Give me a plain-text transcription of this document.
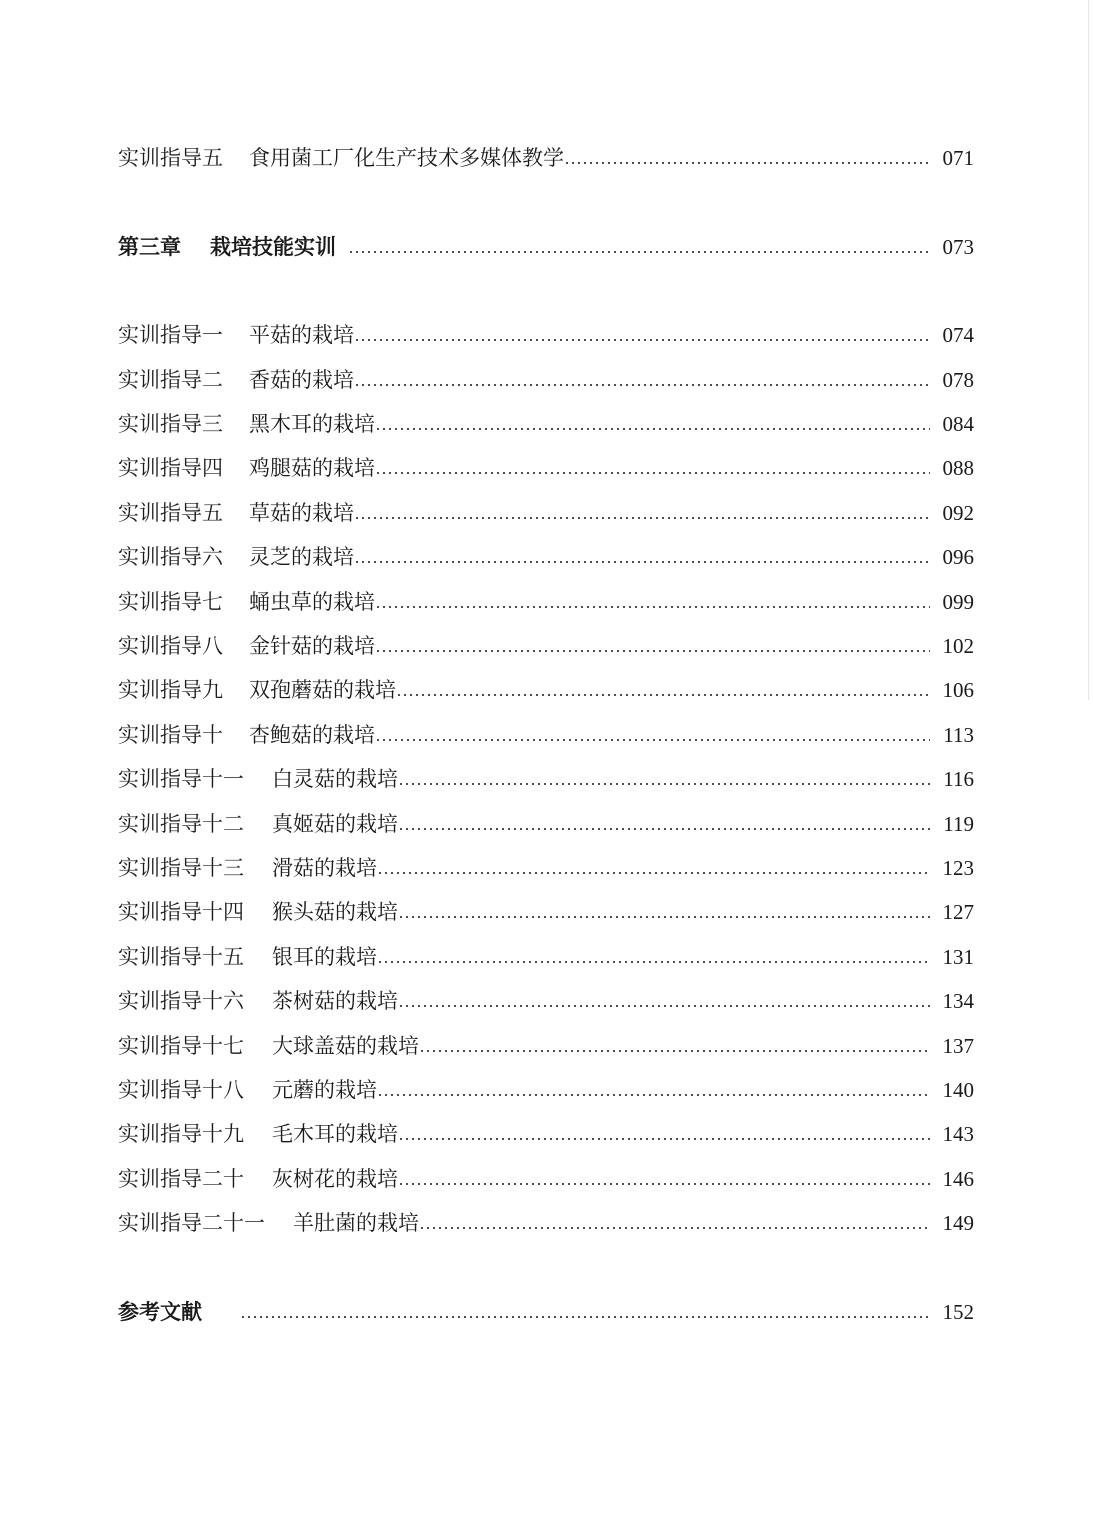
实训指导五	食用菌工厂化生产技术多媒体教学	071
第三章	栽培技能实训	073
实训指导一	平菇的栽培	074
实训指导二	香菇的栽培	078
实训指导三	黑木耳的栽培	084
实训指导四	鸡腿菇的栽培	088
实训指导五	草菇的栽培	092
实训指导六	灵芝的栽培	096
实训指导七	蛹虫草的栽培	099
实训指导八	金针菇的栽培	102
实训指导九	双孢蘑菇的栽培	106
实训指导十	杏鲍菇的栽培	113
实训指导十一	白灵菇的栽培	116
实训指导十二	真姬菇的栽培	119
实训指导十三	滑菇的栽培	123
实训指导十四	猴头菇的栽培	127
实训指导十五	银耳的栽培	131
实训指导十六	茶树菇的栽培	134
实训指导十七	大球盖菇的栽培	137
实训指导十八	元蘑的栽培	140
实训指导十九	毛木耳的栽培	143
实训指导二十	灰树花的栽培	146
实训指导二十一	羊肚菌的栽培	149
参考文献	152
